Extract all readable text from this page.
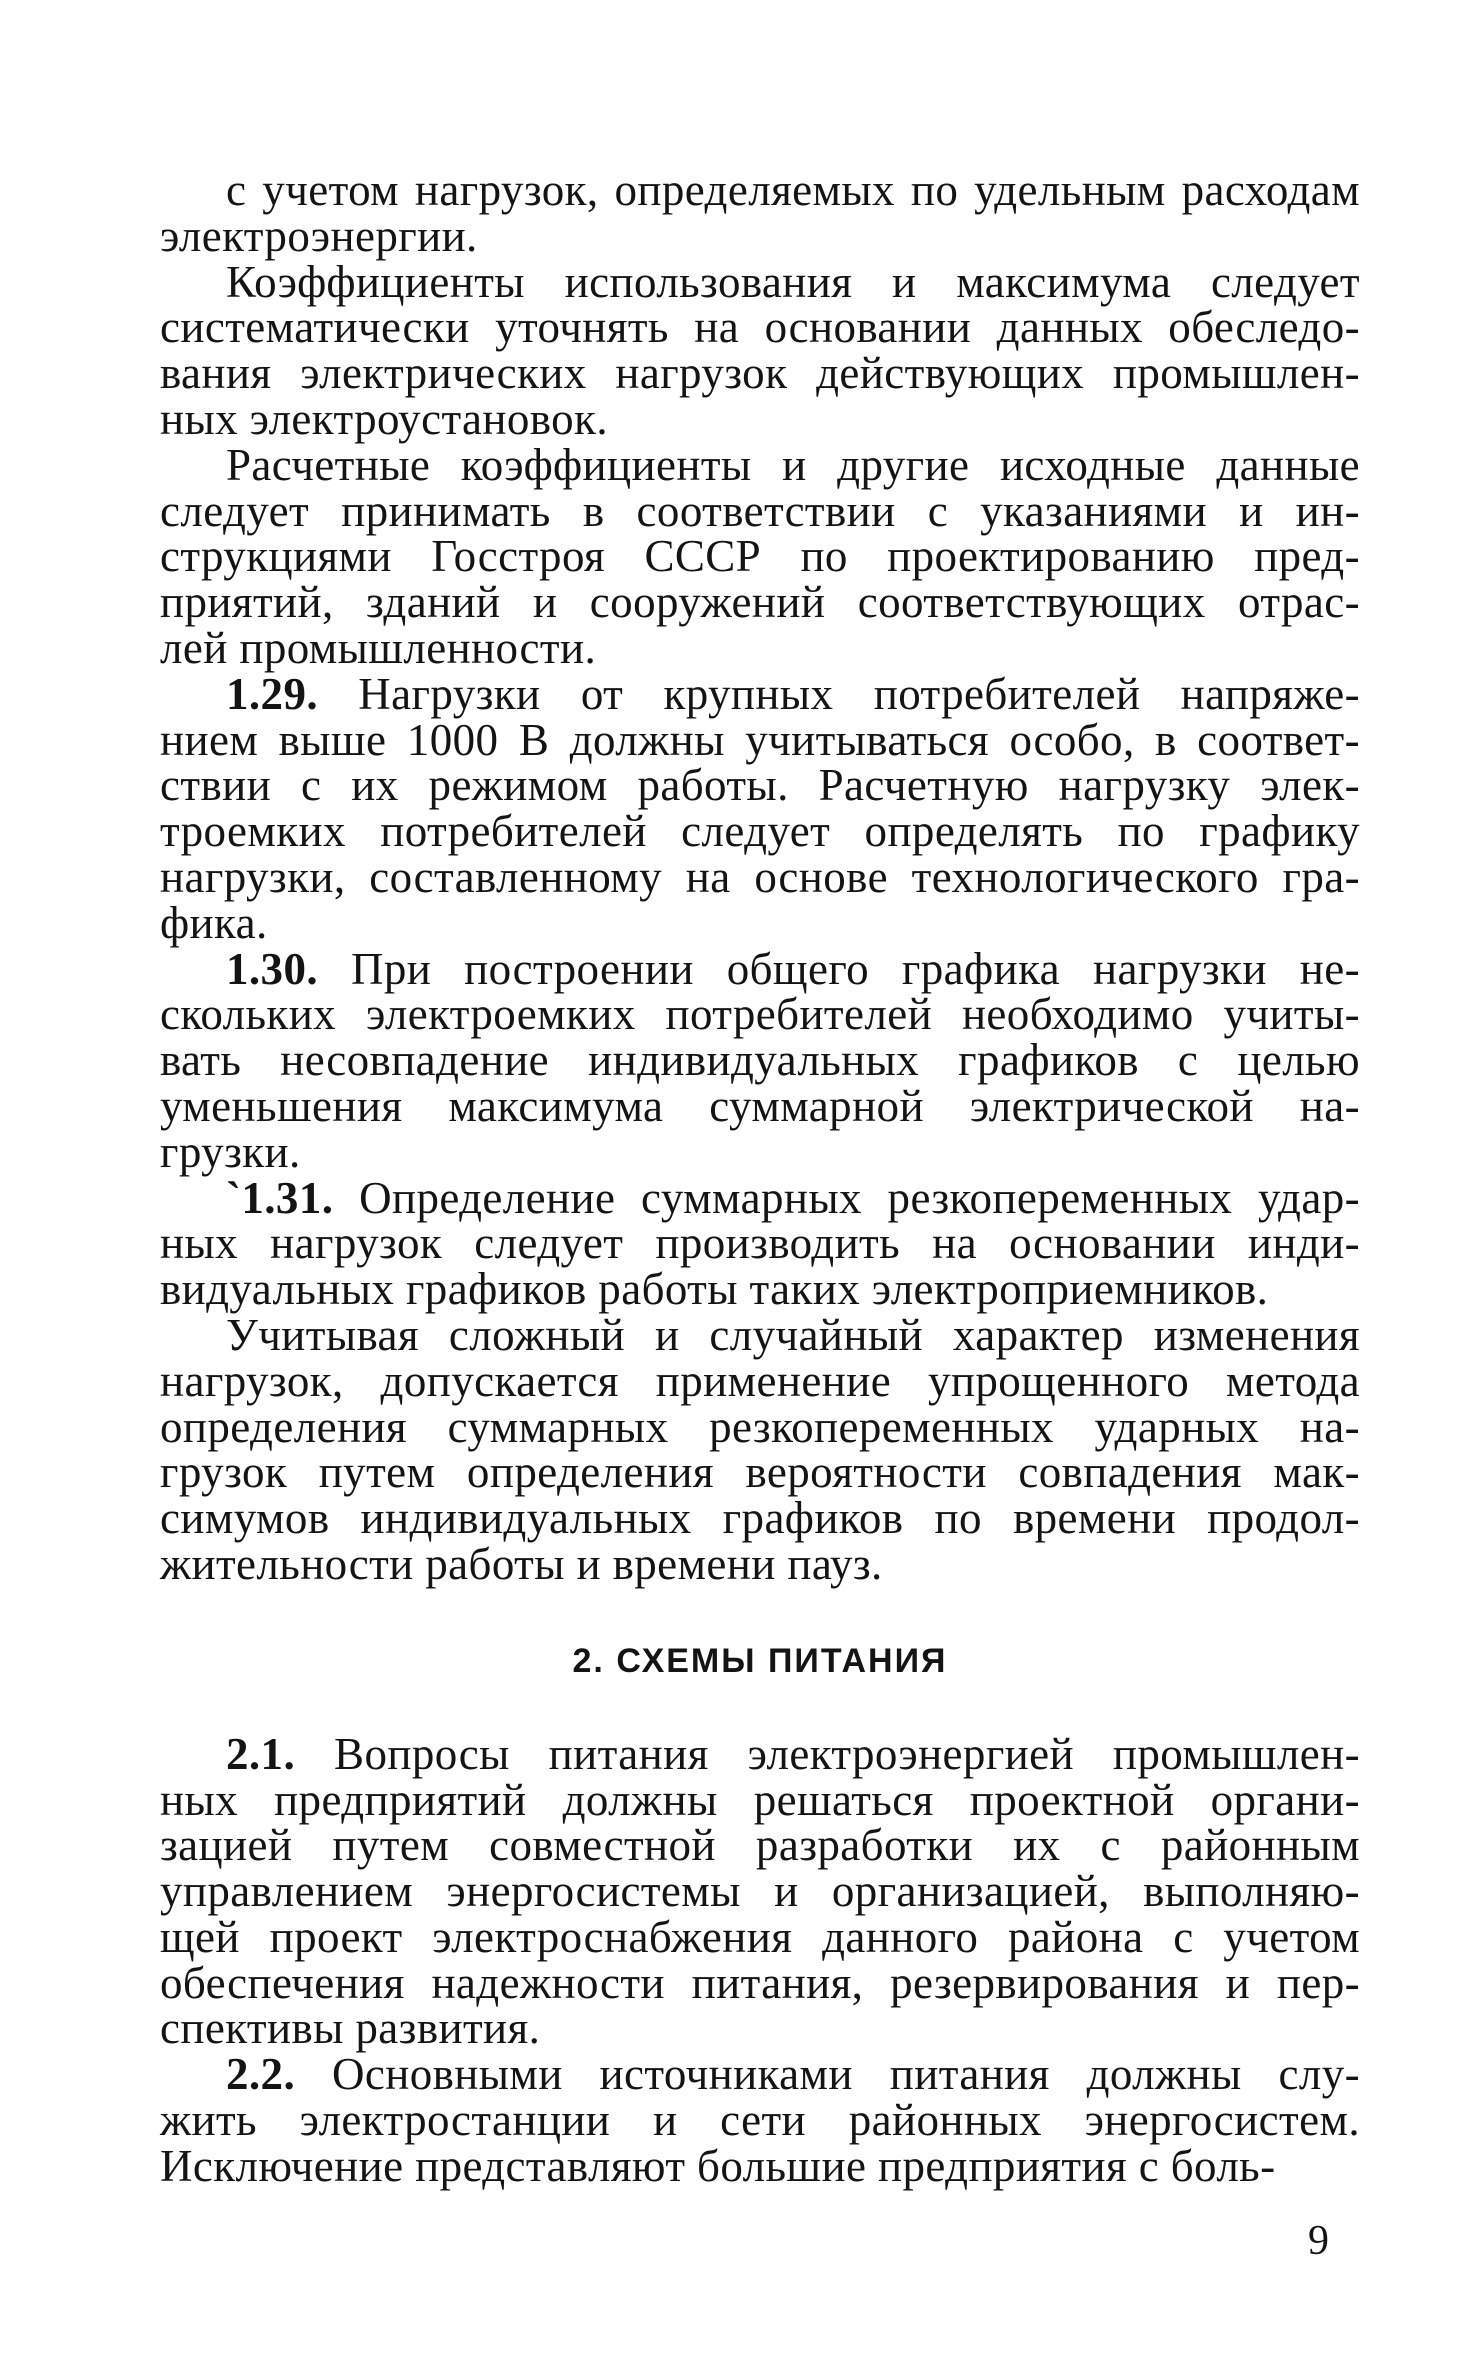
с учетом нагрузок, определяемых по удельным расходам
электроэнергии.
Коэффициенты использования и максимума следует
систематически уточнять на основании данных обеследо-
вания электрических нагрузок действующих промышлен-
ных электроустановок.
Расчетные коэффициенты и другие исходные данные
следует принимать в соответствии с указаниями и ин-
струкциями Госстроя СССР по проектированию пред-
приятий, зданий и сооружений соответствующих отрас-
лей промышленности.
1.29. Нагрузки от крупных потребителей напряже-
нием выше 1000 В должны учитываться особо, в соответ-
ствии с их режимом работы. Расчетную нагрузку элек-
троемких потребителей следует определять по графику
нагрузки, составленному на основе технологического гра-
фика.
1.30. При построении общего графика нагрузки не-
скольких электроемких потребителей необходимо учиты-
вать несовпадение индивидуальных графиков с целью
уменьшения максимума суммарной электрической на-
грузки.
`1.31. Определение суммарных резкопеременных удар-
ных нагрузок следует производить на основании инди-
видуальных графиков работы таких электроприемников.
Учитывая сложный и случайный характер изменения
нагрузок, допускается применение упрощенного метода
определения суммарных резкопеременных ударных на-
грузок путем определения вероятности совпадения мак-
симумов индивидуальных графиков по времени продол-
жительности работы и времени пауз.
2. СХЕМЫ ПИТАНИЯ
2.1. Вопросы питания электроэнергией промышлен-
ных предприятий должны решаться проектной органи-
зацией путем совместной разработки их с районным
управлением энергосистемы и организацией, выполняю-
щей проект электроснабжения данного района с учетом
обеспечения надежности питания, резервирования и пер-
спективы развития.
2.2. Основными источниками питания должны слу-
жить электростанции и сети районных энергосистем.
Исключение представляют большие предприятия с боль-
9
